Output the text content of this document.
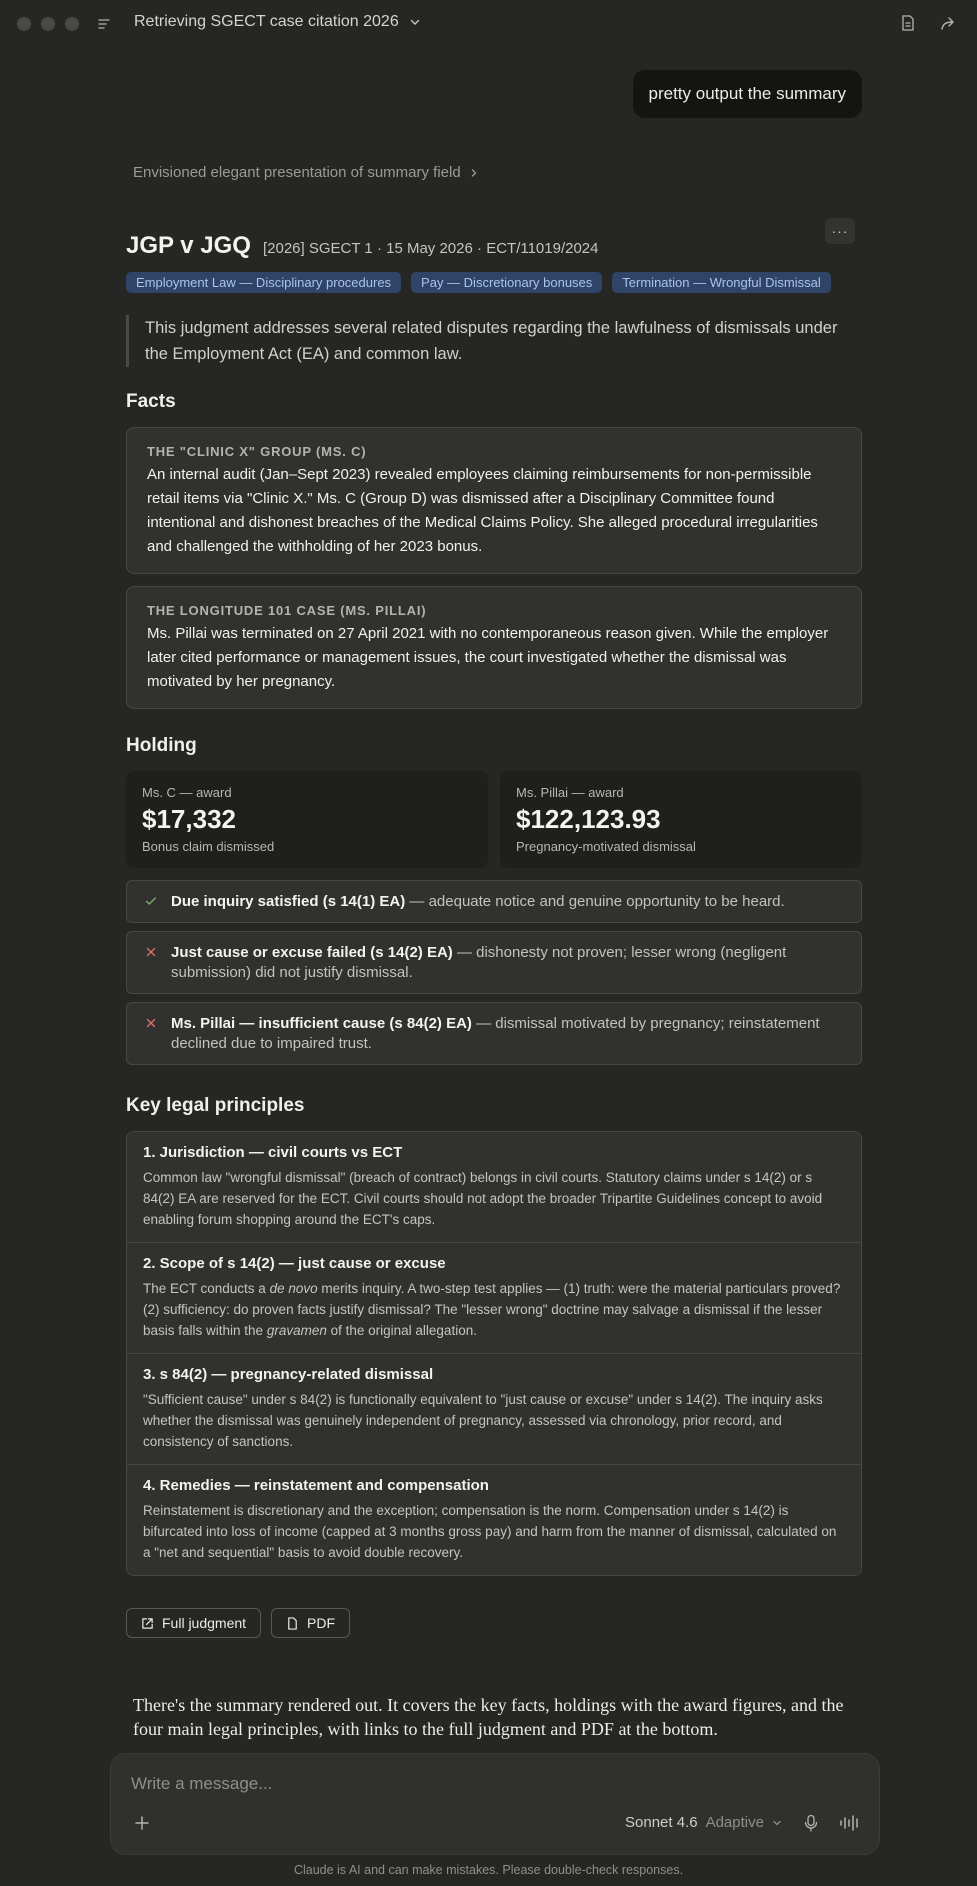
Retrieving SGECT case citation 2026
pretty output the summary
Envisioned elegant presentation of summary field
···
JGP v JGQ [2026] SGECT 1 · 15 May 2026 · ECT/11019/2024
Employment Law — Disciplinary procedures	Pay — Discretionary bonuses	Termination — Wrongful Dismissal
This judgment addresses several related disputes regarding the lawfulness of dismissals under the Employment Act (EA) and common law.
Facts
THE "CLINIC X" GROUP (MS. C)
An internal audit (Jan–Sept 2023) revealed employees claiming reimbursements for non-permissible retail items via "Clinic X." Ms. C (Group D) was dismissed after a Disciplinary Committee found intentional and dishonest breaches of the Medical Claims Policy. She alleged procedural irregularities and challenged the withholding of her 2023 bonus.
THE LONGITUDE 101 CASE (MS. PILLAI)
Ms. Pillai was terminated on 27 April 2021 with no contemporaneous reason given. While the employer later cited performance or management issues, the court investigated whether the dismissal was motivated by her pregnancy.
Holding
Ms. C — award
$17,332
Bonus claim dismissed
Ms. Pillai — award
$122,123.93
Pregnancy-motivated dismissal
Due inquiry satisfied (s 14(1) EA) — adequate notice and genuine opportunity to be heard.
Just cause or excuse failed (s 14(2) EA) — dishonesty not proven; lesser wrong (negligent submission) did not justify dismissal.
Ms. Pillai — insufficient cause (s 84(2) EA) — dismissal motivated by pregnancy; reinstatement declined due to impaired trust.
Key legal principles
1. Jurisdiction — civil courts vs ECT
Common law "wrongful dismissal" (breach of contract) belongs in civil courts. Statutory claims under s 14(2) or s 84(2) EA are reserved for the ECT. Civil courts should not adopt the broader Tripartite Guidelines concept to avoid enabling forum shopping around the ECT's caps.
2. Scope of s 14(2) — just cause or excuse
The ECT conducts a de novo merits inquiry. A two-step test applies — (1) truth: were the material particulars proved? (2) sufficiency: do proven facts justify dismissal? The "lesser wrong" doctrine may salvage a dismissal if the lesser basis falls within the gravamen of the original allegation.
3. s 84(2) — pregnancy-related dismissal
"Sufficient cause" under s 84(2) is functionally equivalent to "just cause or excuse" under s 14(2). The inquiry asks whether the dismissal was genuinely independent of pregnancy, assessed via chronology, prior record, and consistency of sanctions.
4. Remedies — reinstatement and compensation
Reinstatement is discretionary and the exception; compensation is the norm. Compensation under s 14(2) is bifurcated into loss of income (capped at 3 months gross pay) and harm from the manner of dismissal, calculated on a "net and sequential" basis to avoid double recovery.
Full judgment	PDF
There's the summary rendered out. It covers the key facts, holdings with the award figures, and the four main legal principles, with links to the full judgment and PDF at the bottom.
Write a message...
Sonnet 4.6 Adaptive
Claude is AI and can make mistakes. Please double-check responses.
